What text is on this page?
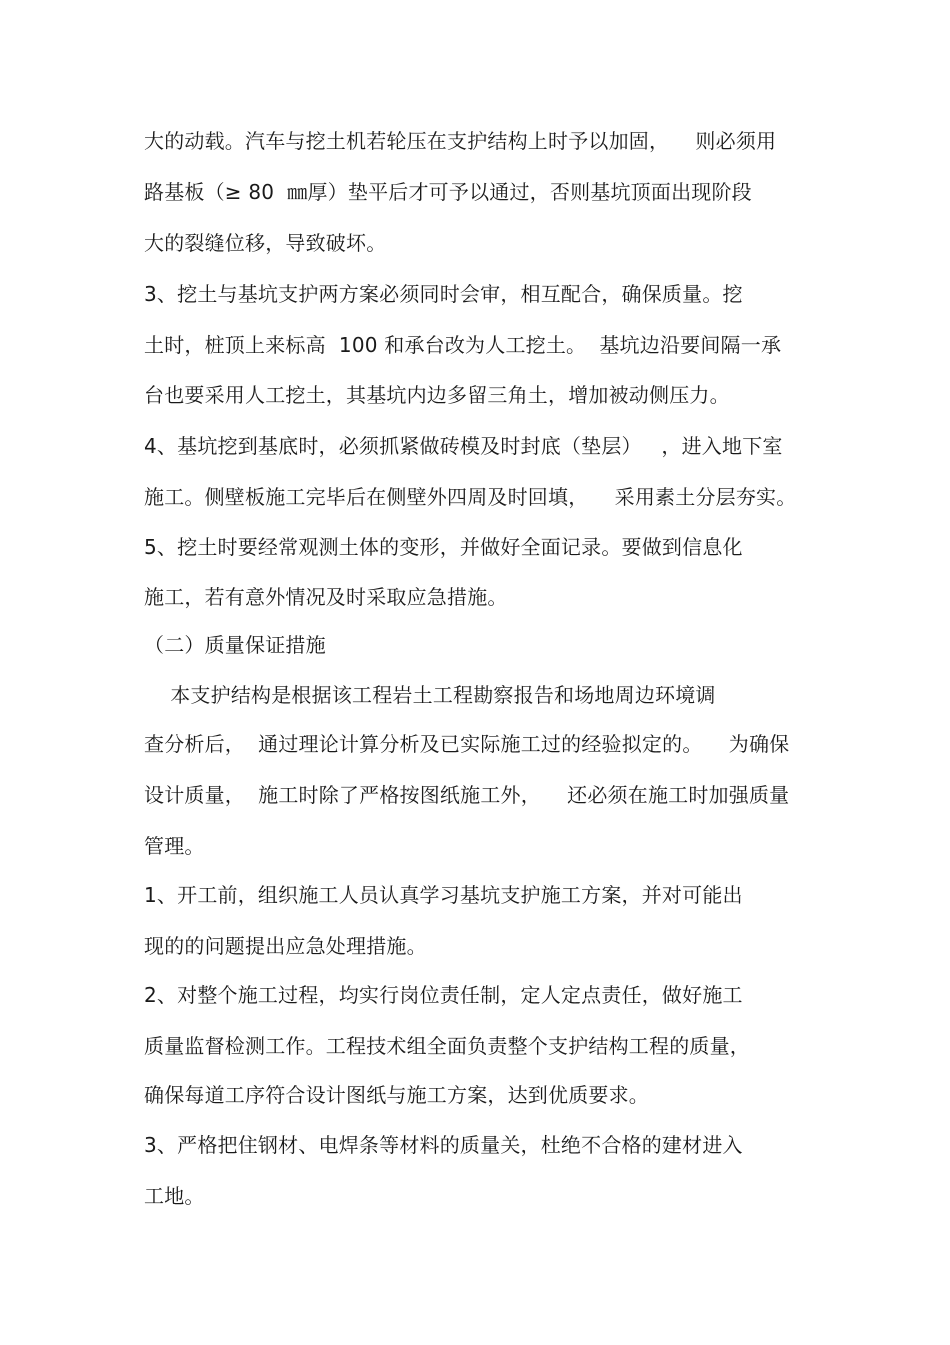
大的动载。汽车与挖土机若轮压在支护结构上时予以加固，    则必须用
路基板（≥ 80  ㎜厚）垫平后才可予以通过，否则基坑顶面出现阶段
大的裂缝位移，导致破坏。
3、挖土与基坑支护两方案必须同时会审，相互配合，确保质量。挖
土时，桩顶上来标高  100 和承台改为人工挖土。  基坑边沿要间隔一承
台也要采用人工挖土，其基坑内边多留三角土，增加被动侧压力。
4、基坑挖到基底时，必须抓紧做砖模及时封底（垫层）   ，进入地下室
施工。侧壁板施工完毕后在侧壁外四周及时回填，    采用素土分层夯实。
5、挖土时要经常观测土体的变形，并做好全面记录。要做到信息化
施工，若有意外情况及时采取应急措施。
（二）质量保证措施
本支护结构是根据该工程岩土工程勘察报告和场地周边环境调
查分析后，  通过理论计算分析及已实际施工过的经验拟定的。    为确保
设计质量，  施工时除了严格按图纸施工外，    还必须在施工时加强质量
管理。
1、开工前，组织施工人员认真学习基坑支护施工方案，并对可能出
现的的问题提出应急处理措施。
2、对整个施工过程，均实行岗位责任制，定人定点责任，做好施工
质量监督检测工作。工程技术组全面负责整个支护结构工程的质量，
确保每道工序符合设计图纸与施工方案，达到优质要求。
3、严格把住钢材、电焊条等材料的质量关，杜绝不合格的建材进入
工地。
